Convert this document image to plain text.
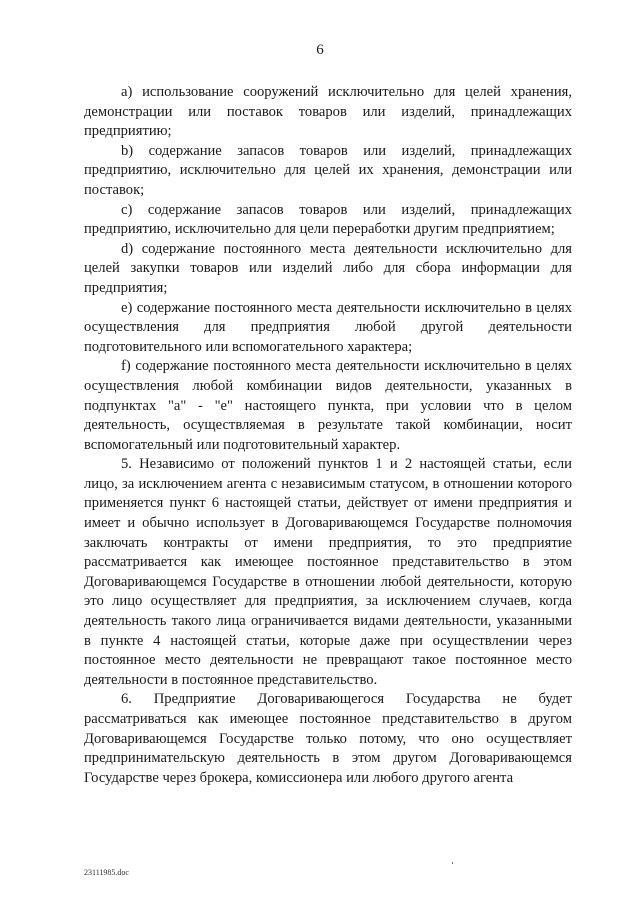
6

a) использование сооружений исключительно для целей хранения, демонстрации или поставок товаров или изделий, принадлежащих предприятию;

b) содержание запасов товаров или изделий, принадлежащих предприятию, исключительно для целей их хранения, демонстрации или поставок;

c) содержание запасов товаров или изделий, принадлежащих предприятию, исключительно для цели переработки другим предприятием;

d) содержание постоянного места деятельности исключительно для целей закупки товаров или изделий либо для сбора информации для предприятия;

e) содержание постоянного места деятельности исключительно в целях осуществления для предприятия любой другой деятельности подготовительного или вспомогательного характера;

f) содержание постоянного места деятельности исключительно в целях осуществления любой комбинации видов деятельности, указанных в подпунктах "а" - "е" настоящего пункта, при условии что в целом деятельность, осуществляемая в результате такой комбинации, носит вспомогательный или подготовительный характер.

5. Независимо от положений пунктов 1 и 2 настоящей статьи, если лицо, за исключением агента с независимым статусом, в отношении которого применяется пункт 6 настоящей статьи, действует от имени предприятия и имеет и обычно использует в Договаривающемся Государстве полномочия заключать контракты от имени предприятия, то это предприятие рассматривается как имеющее постоянное представительство в этом Договаривающемся Государстве в отношении любой деятельности, которую это лицо осуществляет для предприятия, за исключением случаев, когда деятельность такого лица ограничивается видами деятельности, указанными в пункте 4 настоящей статьи, которые даже при осуществлении через постоянное место деятельности не превращают такое постоянное место деятельности в постоянное представительство.

6. Предприятие Договаривающегося Государства не будет рассматриваться как имеющее постоянное представительство в другом Договаривающемся Государстве только потому, что оно осуществляет предпринимательскую деятельность в этом другом Договаривающемся Государстве через брокера, комиссионера или любого другого агента

23111985.doc
